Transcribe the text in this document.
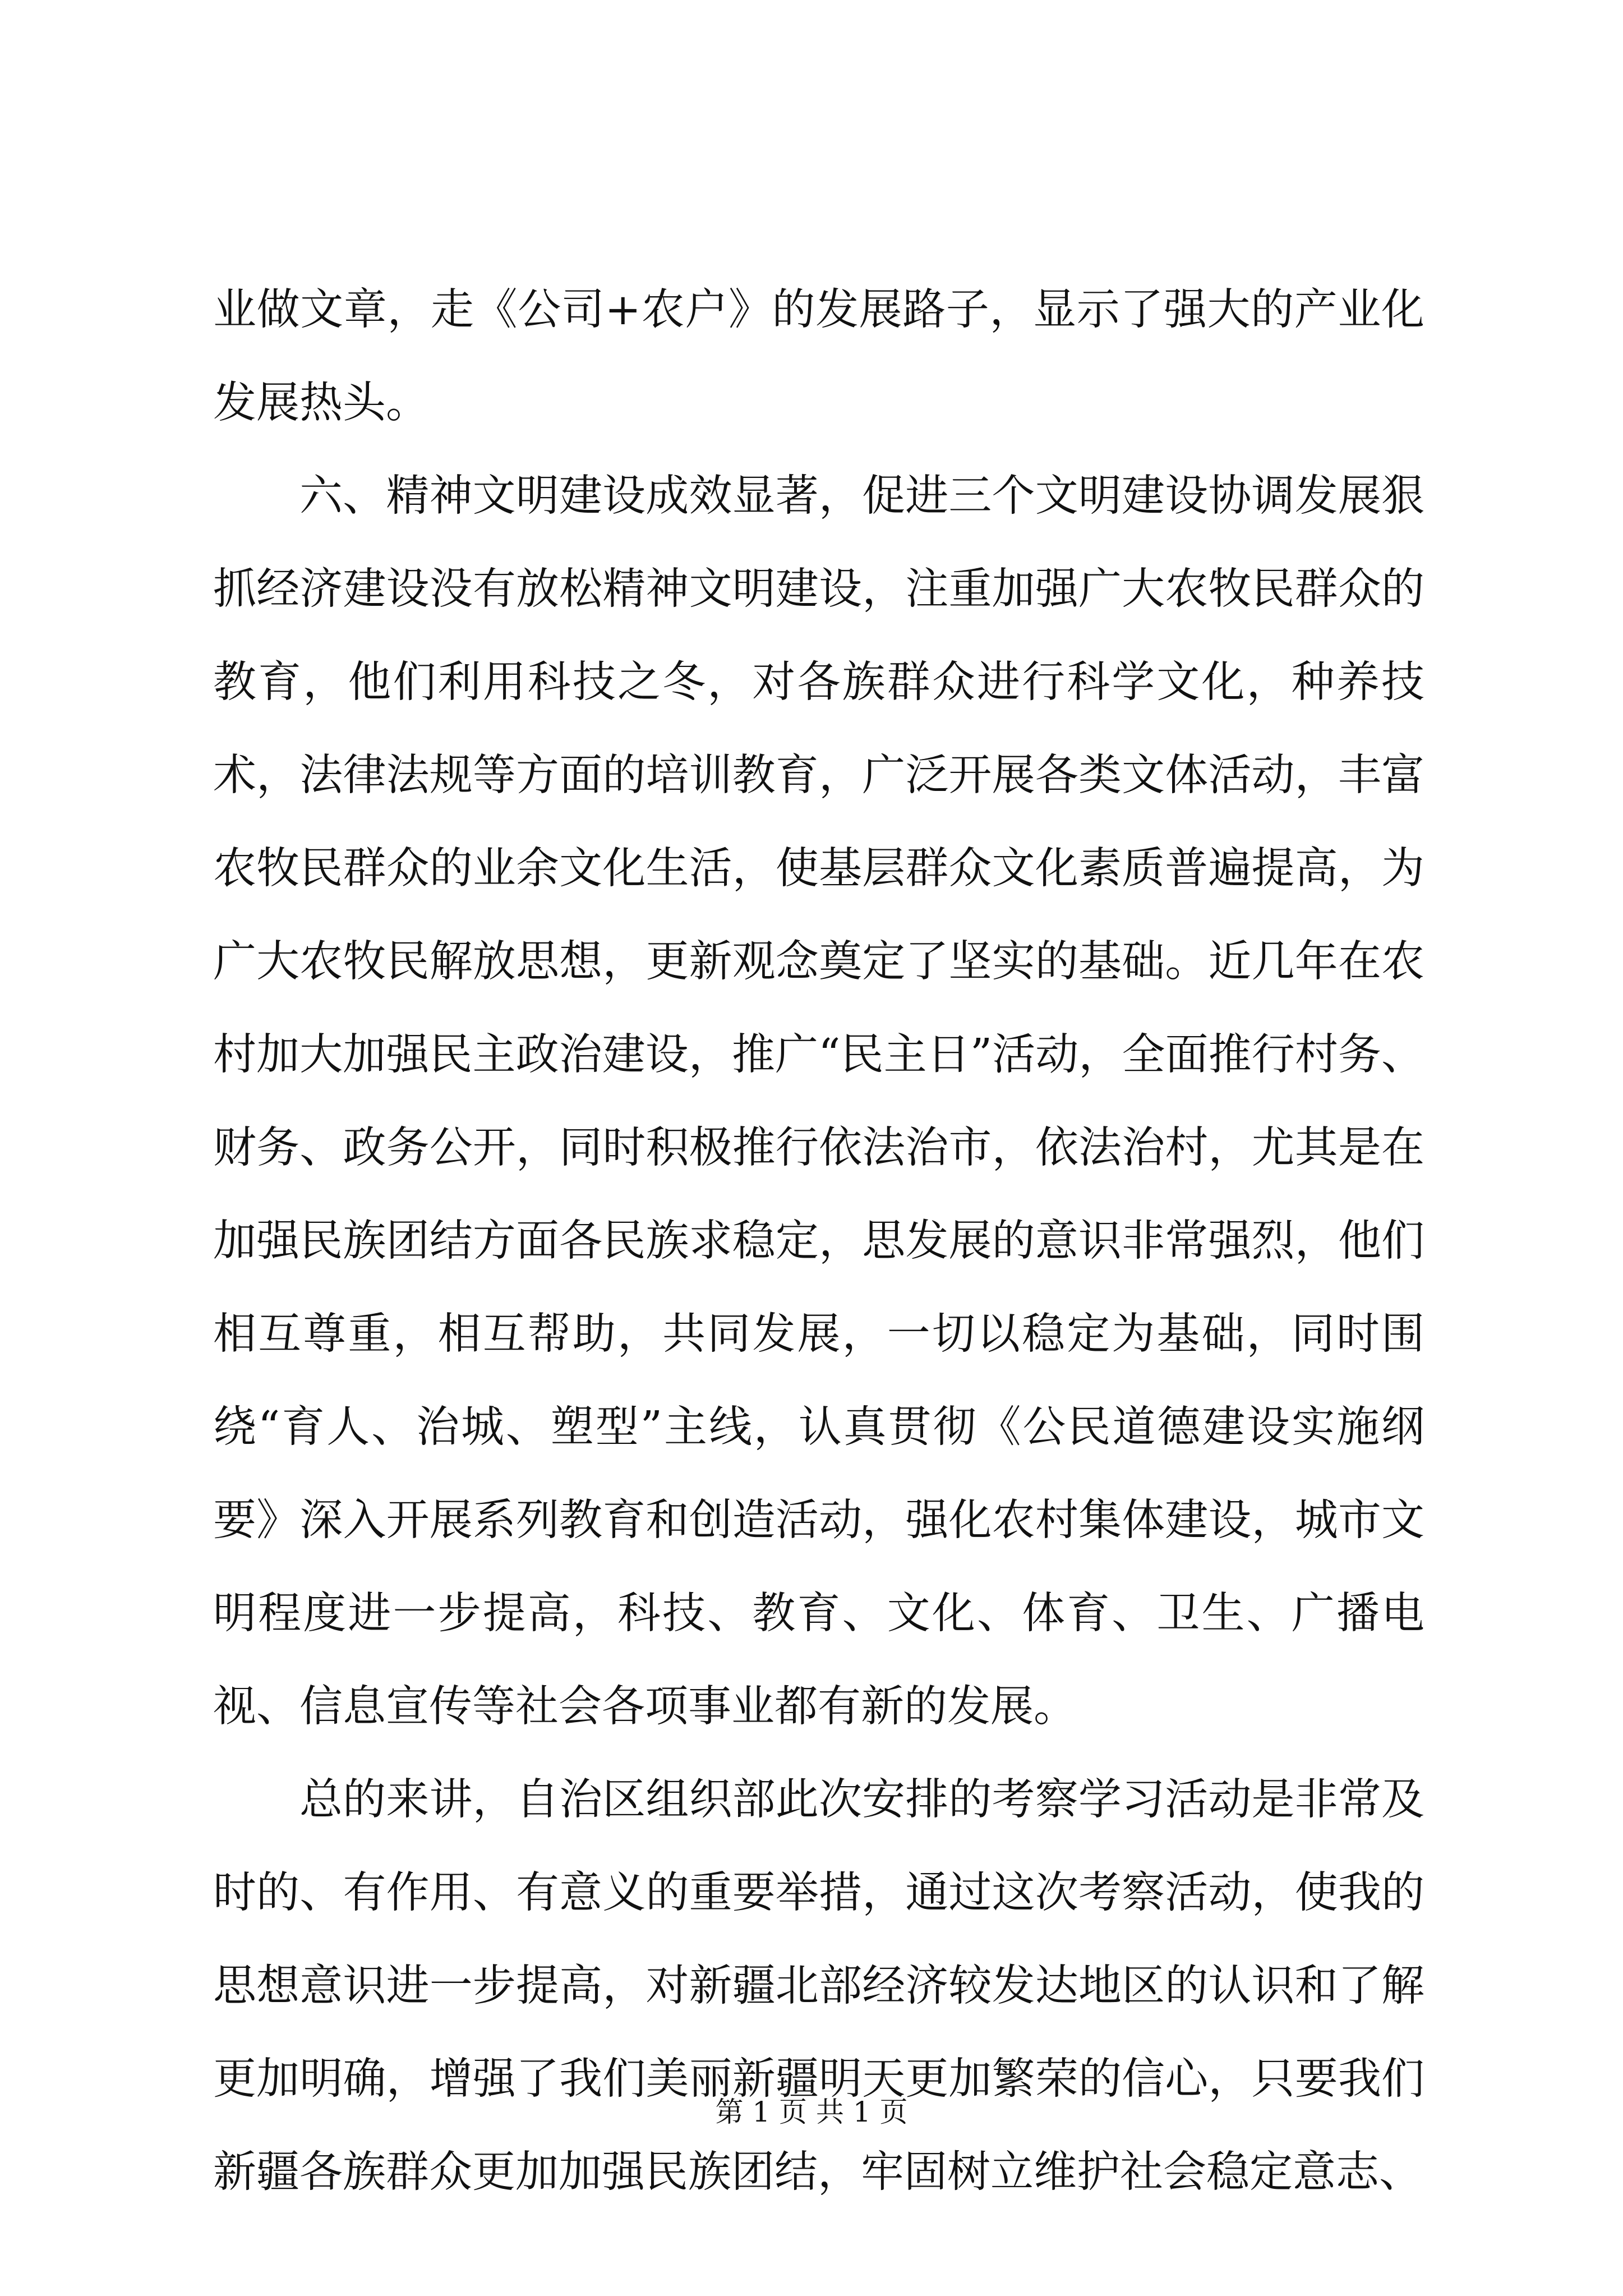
业做文章，走《公司+农户》的发展路子，显示了强大的产业化发展热头。

六、精神文明建设成效显著，促进三个文明建设协调发展狠抓经济建设没有放松精神文明建设，注重加强广大农牧民群众的教育，他们利用科技之冬，对各族群众进行科学文化，种养技术，法律法规等方面的培训教育，广泛开展各类文体活动，丰富农牧民群众的业余文化生活，使基层群众文化素质普遍提高，为广大农牧民解放思想，更新观念奠定了坚实的基础。近几年在农村加大加强民主政治建设，推广“民主日”活动，全面推行村务、财务、政务公开，同时积极推行依法治市，依法治村，尤其是在加强民族团结方面各民族求稳定，思发展的意识非常强烈，他们相互尊重，相互帮助，共同发展，一切以稳定为基础，同时围绕“育人、治城、塑型”主线，认真贯彻《公民道德建设实施纲要》深入开展系列教育和创造活动，强化农村集体建设，城市文明程度进一步提高，科技、教育、文化、体育、卫生、广播电视、信息宣传等社会各项事业都有新的发展。

总的来讲，自治区组织部此次安排的考察学习活动是非常及时的、有作用、有意义的重要举措，通过这次考察活动，使我的思想意识进一步提高，对新疆北部经济较发达地区的认识和了解更加明确，增强了我们美丽新疆明天更加繁荣的信心，只要我们新疆各族群众更加加强民族团结，牢固树立维护社会稳定意志、

第 1 页 共 1 页
